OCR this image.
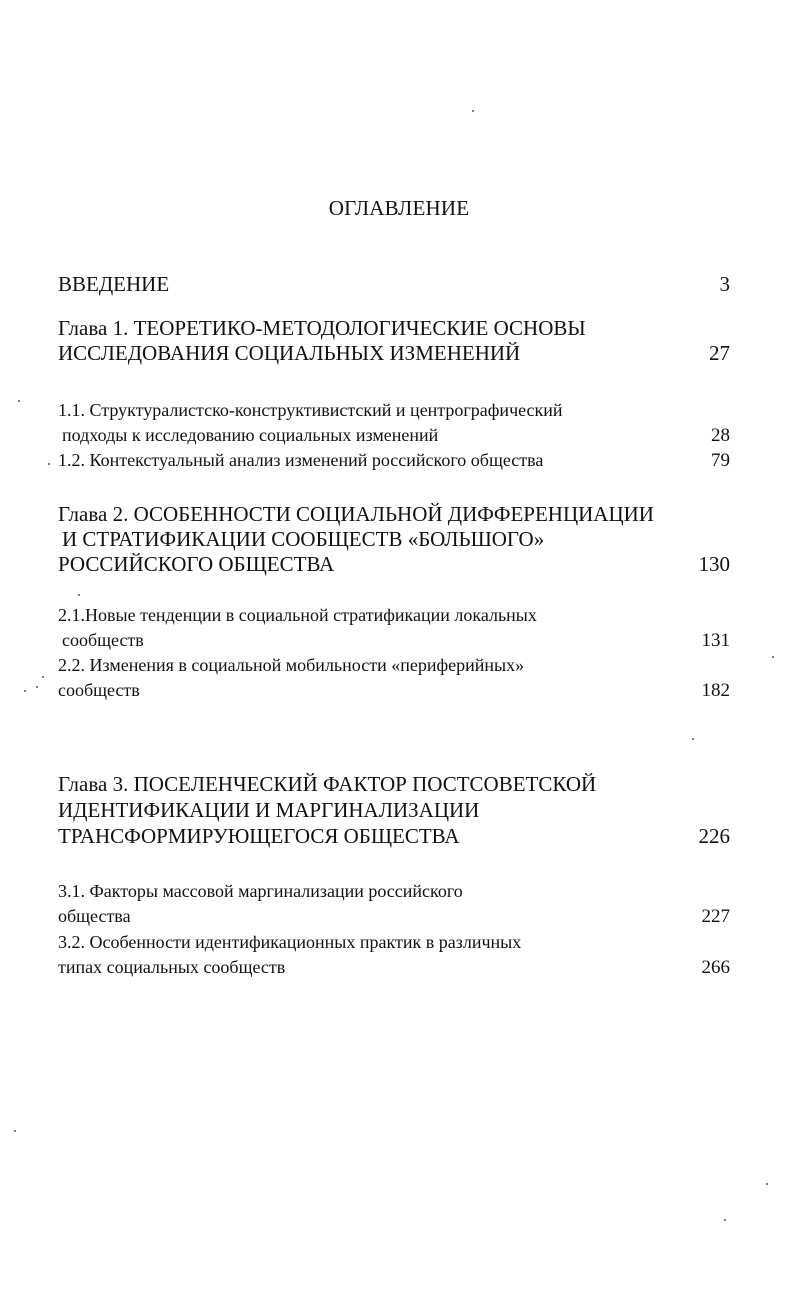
ОГЛАВЛЕНИЕ
ВВЕДЕНИЕ	3
Глава 1. ТЕОРЕТИКО-МЕТОДОЛОГИЧЕСКИЕ ОСНОВЫ
ИССЛЕДОВАНИЯ СОЦИАЛЬНЫХ ИЗМЕНЕНИЙ	27
1.1. Структуралистско-конструктивистский и центрографический
подходы к исследованию социальных изменений	28
1.2. Контекстуальный анализ изменений российского общества	79
Глава 2. ОСОБЕННОСТИ СОЦИАЛЬНОЙ ДИФФЕРЕНЦИАЦИИ
И СТРАТИФИКАЦИИ СООБЩЕСТВ «БОЛЬШОГО»
РОССИЙСКОГО ОБЩЕСТВА	130
2.1.Новые тенденции в социальной стратификации локальных
сообществ	131
2.2. Изменения в социальной мобильности «периферийных»
сообществ	182
Глава 3. ПОСЕЛЕНЧЕСКИЙ ФАКТОР ПОСТСОВЕТСКОЙ
ИДЕНТИФИКАЦИИ И МАРГИНАЛИЗАЦИИ
ТРАНСФОРМИРУЮЩЕГОСЯ ОБЩЕСТВА	226
3.1. Факторы массовой маргинализации российского
общества	227
3.2. Особенности идентификационных практик в различных
типах социальных сообществ	266
